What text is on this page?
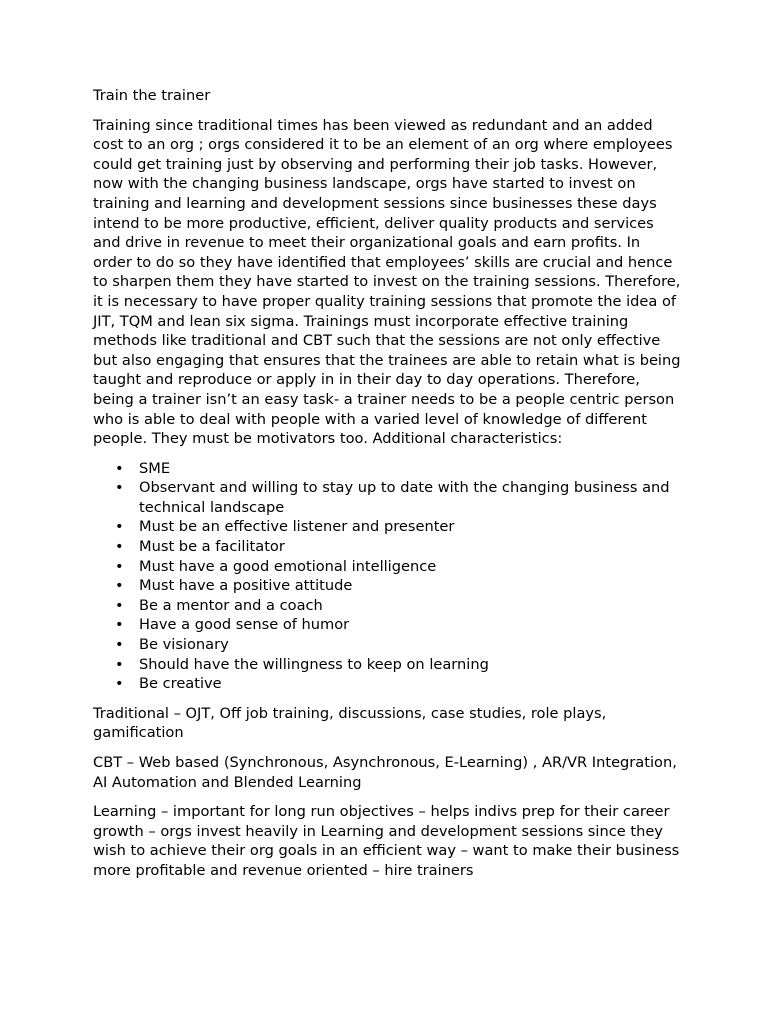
Train the trainer

Training since traditional times has been viewed as redundant and an added cost to an org ; orgs considered it to be an element of an org where employees could get training just by observing and performing their job tasks. However, now with the changing business landscape, orgs have started to invest on training and learning and development sessions since businesses these days intend to be more productive, efficient, deliver quality products and services and drive in revenue to meet their organizational goals and earn profits. In order to do so they have identified that employees’ skills are crucial and hence to sharpen them they have started to invest on the training sessions. Therefore, it is necessary to have proper quality training sessions that promote the idea of JIT, TQM and lean six sigma. Trainings must incorporate effective training methods like traditional and CBT such that the sessions are not only effective but also engaging that ensures that the trainees are able to retain what is being taught and reproduce or apply in in their day to day operations. Therefore, being a trainer isn’t an easy task- a trainer needs to be a people centric person who is able to deal with people with a varied level of knowledge of different people. They must be motivators too. Additional characteristics:

• SME
• Observant and willing to stay up to date with the changing business and technical landscape
• Must be an effective listener and presenter
• Must be a facilitator
• Must have a good emotional intelligence
• Must have a positive attitude
• Be a mentor and a coach
• Have a good sense of humor
• Be visionary
• Should have the willingness to keep on learning
• Be creative

Traditional – OJT, Off job training, discussions, case studies, role plays, gamification

CBT – Web based (Synchronous, Asynchronous, E-Learning) , AR/VR Integration, AI Automation and Blended Learning

Learning – important for long run objectives – helps indivs prep for their career growth – orgs invest heavily in Learning and development sessions since they wish to achieve their org goals in an efficient way – want to make their business more profitable and revenue oriented – hire trainers
